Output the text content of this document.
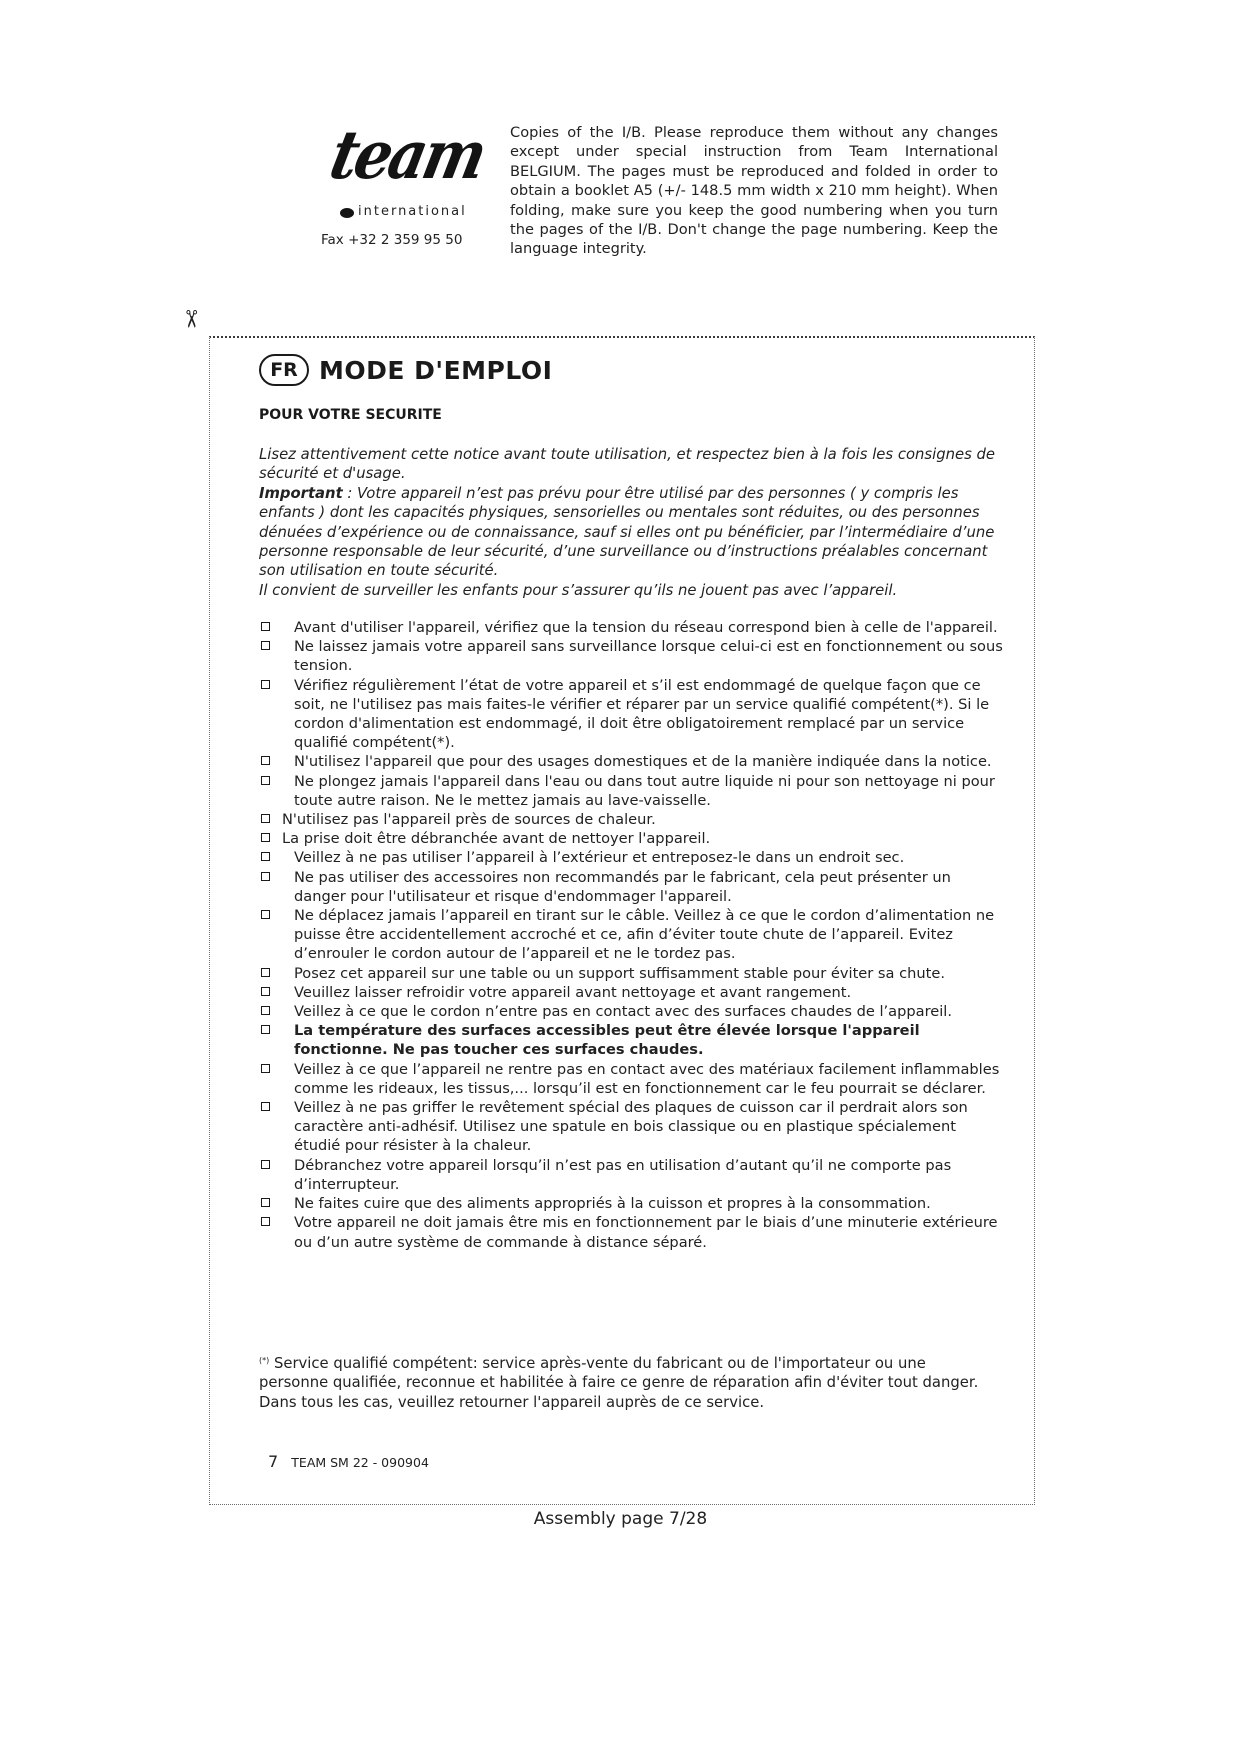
team
international
Fax +32 2 359 95 50
Copies of the I/B. Please reproduce them without any changes except under special instruction from Team International BELGIUM. The pages must be reproduced and folded in order to obtain a booklet A5 (+/- 148.5 mm width x 210 mm height). When folding, make sure you keep the good numbering when you turn the pages of the I/B. Don't change the page numbering. Keep the language integrity.
✂
FR MODE D'EMPLOI
POUR VOTRE SECURITE

Lisez attentivement cette notice avant toute utilisation, et respectez bien à la fois les consignes de sécurité et d'usage.

Important : Votre appareil n’est pas prévu pour être utilisé par des personnes ( y compris les enfants ) dont les capacités physiques, sensorielles ou mentales sont réduites, ou des personnes dénuées d’expérience ou de connaissance, sauf si elles ont pu bénéficier, par l’intermédiaire d’une personne responsable de leur sécurité, d’une surveillance ou d’instructions préalables concernant son utilisation en toute sécurité.

Il convient de surveiller les enfants pour s’assurer qu’ils ne jouent pas avec l’appareil.

Avant d'utiliser l'appareil, vérifiez que la tension du réseau correspond bien à celle de l'appareil.
Ne laissez jamais votre appareil sans surveillance lorsque celui-ci est en fonctionnement ou sous tension.
Vérifiez régulièrement l’état de votre appareil et s’il est endommagé de quelque façon que ce soit, ne l'utilisez pas mais faites-le vérifier et réparer par un service qualifié compétent(*). Si le cordon d'alimentation est endommagé, il doit être obligatoirement remplacé par un service qualifié compétent(*).
N'utilisez l'appareil que pour des usages domestiques et de la manière indiquée dans la notice.
Ne plongez jamais l'appareil dans l'eau ou dans tout autre liquide ni pour son nettoyage ni pour toute autre raison. Ne le mettez jamais au lave-vaisselle.
N'utilisez pas l'appareil près de sources de chaleur.
La prise doit être débranchée avant de nettoyer l'appareil.
Veillez à ne pas utiliser l’appareil à l’extérieur et entreposez-le dans un endroit sec.
Ne pas utiliser des accessoires non recommandés par le fabricant, cela peut présenter un danger pour l'utilisateur et risque d'endommager l'appareil.
Ne déplacez jamais l’appareil en tirant sur le câble. Veillez à ce que le cordon d’alimentation ne puisse être accidentellement accroché et ce, afin d’éviter toute chute de l’appareil. Evitez d’enrouler le cordon autour de l’appareil et ne le tordez pas.
Posez cet appareil sur une table ou un support suffisamment stable pour éviter sa chute.
Veuillez laisser refroidir votre appareil avant nettoyage et avant rangement.
Veillez à ce que le cordon n’entre pas en contact avec des surfaces chaudes de l’appareil.
La température des surfaces accessibles peut être élevée lorsque l'appareil fonctionne. Ne pas toucher ces surfaces chaudes.
Veillez à ce que l’appareil ne rentre pas en contact avec des matériaux facilement inflammables comme les rideaux, les tissus,... lorsqu’il est en fonctionnement car le feu pourrait se déclarer.
Veillez à ne pas griffer le revêtement spécial des plaques de cuisson car il perdrait alors son caractère anti-adhésif. Utilisez une spatule en bois classique ou en plastique spécialement étudié pour résister à la chaleur.
Débranchez votre appareil lorsqu’il n’est pas en utilisation d’autant qu’il ne comporte pas d’interrupteur.
Ne faites cuire que des aliments appropriés à la cuisson et propres à la consommation.
Votre appareil ne doit jamais être mis en fonctionnement par le biais d’une minuterie extérieure ou d’un autre système de commande à distance séparé.
(*) Service qualifié compétent: service après-vente du fabricant ou de l'importateur ou une personne qualifiée, reconnue et habilitée à faire ce genre de réparation afin d'éviter tout danger. Dans tous les cas, veuillez retourner l'appareil auprès de ce service.
7 TEAM SM 22 - 090904
Assembly page 7/28
